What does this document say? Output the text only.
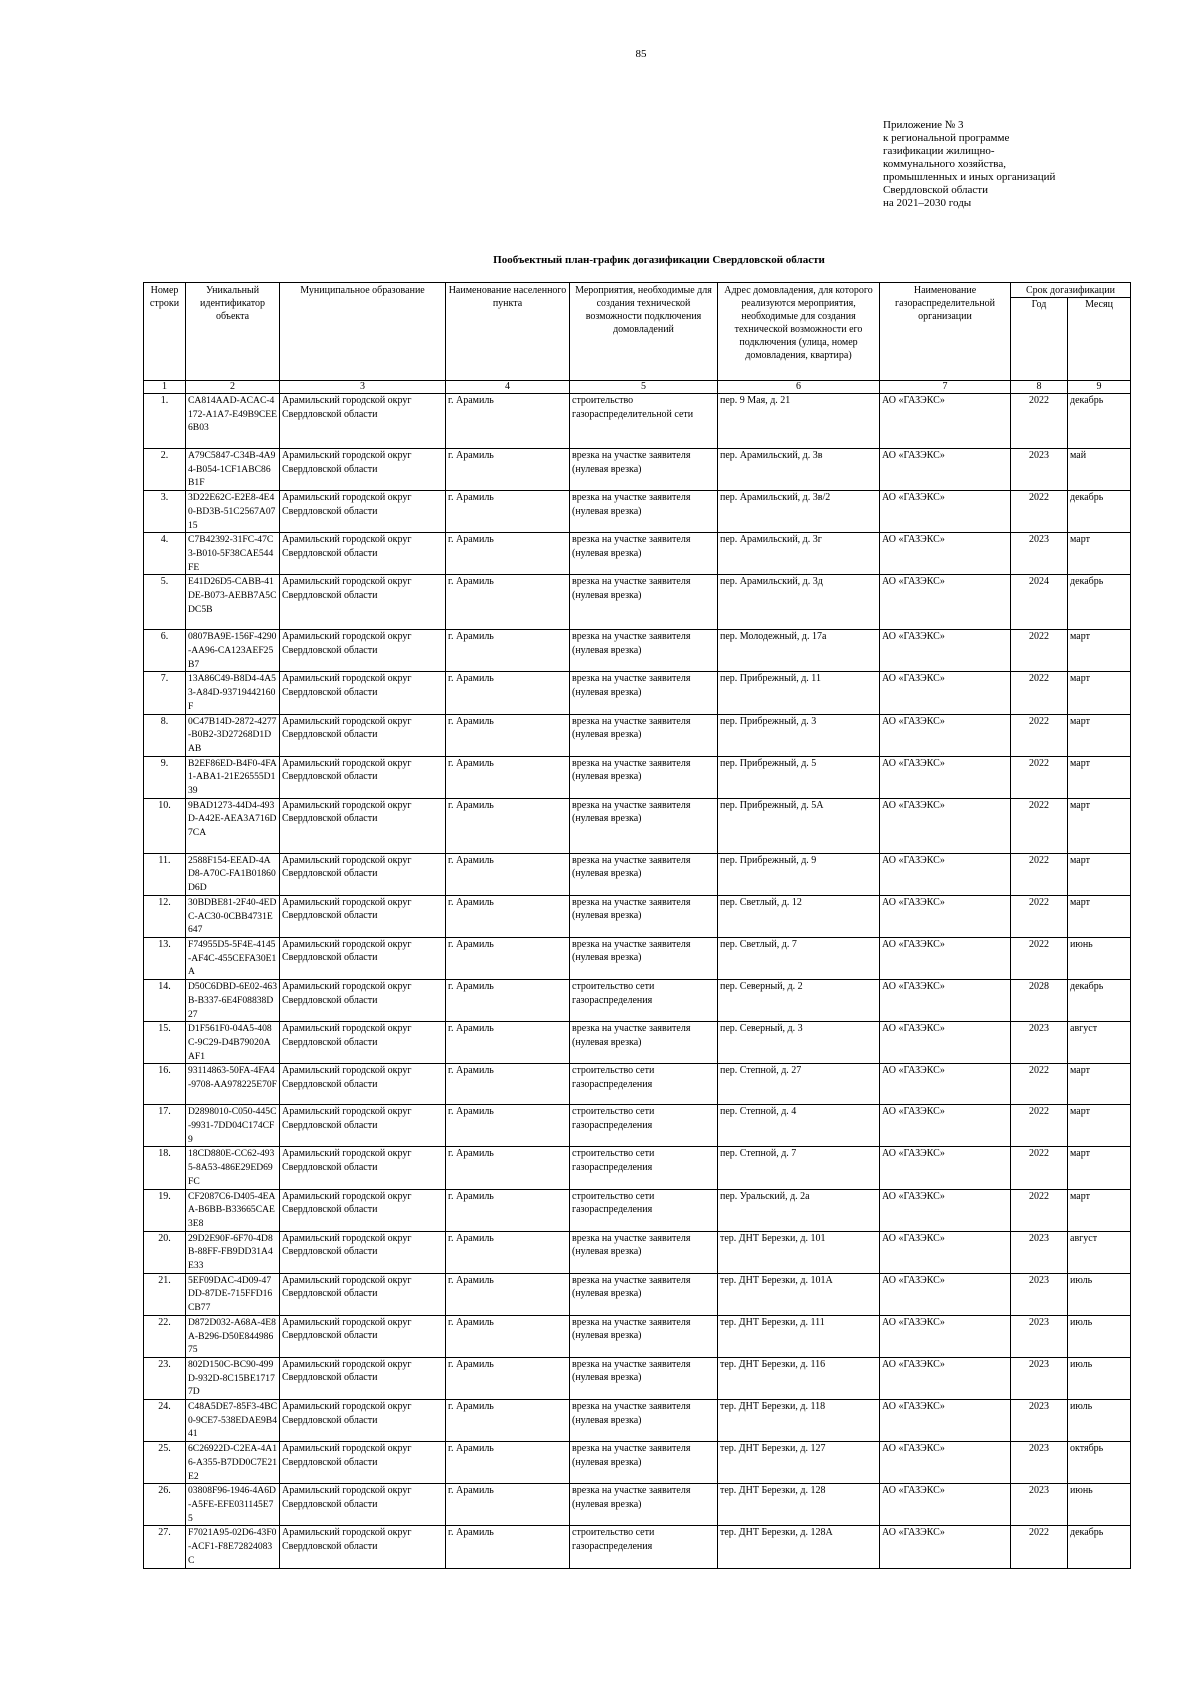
85
Приложение № 3
к региональной программе
газификации жилищно-
коммунального хозяйства,
промышленных и иных организаций
Свердловской области
на 2021–2030 годы
Пообъектный план-график догазификации Свердловской области
Номер строки	Уникальный идентификатор объекта	Муниципальное образование	Наименование населенного пункта	Мероприятия, необходимые для создания технической возможности подключения домовладений	Адрес домовладения, для которого реализуются мероприятия, необходимые для создания технической возможности его подключения (улица, номер домовладения, квартира)	Наименование газораспределительной организации	Срок догазификации	
							Год	Месяц
1	2	3	4	5	6	7	8	9
1.	CA814AAD-ACAC-4172-A1A7-E49B9CEE6B03	Арамильский городской округ Свердловской области	г. Арамиль	строительство газораспределительной сети	пер. 9 Мая, д. 21	АО «ГАЗЭКС»	2022	декабрь
2.	A79C5847-C34B-4A94-B054-1CF1ABC86B1F	Арамильский городской округ Свердловской области	г. Арамиль	врезка на участке заявителя (нулевая врезка)	пер. Арамильский, д. 3в	АО «ГАЗЭКС»	2023	май
3.	3D22E62C-E2E8-4E40-BD3B-51C2567A0715	Арамильский городской округ Свердловской области	г. Арамиль	врезка на участке заявителя (нулевая врезка)	пер. Арамильский, д. 3в/2	АО «ГАЗЭКС»	2022	декабрь
4.	C7B42392-31FC-47C3-B010-5F38CAE544FE	Арамильский городской округ Свердловской области	г. Арамиль	врезка на участке заявителя (нулевая врезка)	пер. Арамильский, д. 3г	АО «ГАЗЭКС»	2023	март
5.	E41D26D5-CABB-41DE-B073-AEBB7A5CDC5B	Арамильский городской округ Свердловской области	г. Арамиль	врезка на участке заявителя (нулевая врезка)	пер. Арамильский, д. 3д	АО «ГАЗЭКС»	2024	декабрь
6.	0807BA9E-156F-4290-AA96-CA123AEF25B7	Арамильский городской округ Свердловской области	г. Арамиль	врезка на участке заявителя (нулевая врезка)	пер. Молодежный, д. 17а	АО «ГАЗЭКС»	2022	март
7.	13A86C49-B8D4-4A53-A84D-93719442160F	Арамильский городской округ Свердловской области	г. Арамиль	врезка на участке заявителя (нулевая врезка)	пер. Прибрежный, д. 11	АО «ГАЗЭКС»	2022	март
8.	0C47B14D-2872-4277-B0B2-3D27268D1DAB	Арамильский городской округ Свердловской области	г. Арамиль	врезка на участке заявителя (нулевая врезка)	пер. Прибрежный, д. 3	АО «ГАЗЭКС»	2022	март
9.	B2EF86ED-B4F0-4FA1-ABA1-21E26555D139	Арамильский городской округ Свердловской области	г. Арамиль	врезка на участке заявителя (нулевая врезка)	пер. Прибрежный, д. 5	АО «ГАЗЭКС»	2022	март
10.	9BAD1273-44D4-493D-A42E-AEA3A716D7CA	Арамильский городской округ Свердловской области	г. Арамиль	врезка на участке заявителя (нулевая врезка)	пер. Прибрежный, д. 5А	АО «ГАЗЭКС»	2022	март
11.	2588F154-EEAD-4AD8-A70C-FA1B01860D6D	Арамильский городской округ Свердловской области	г. Арамиль	врезка на участке заявителя (нулевая врезка)	пер. Прибрежный, д. 9	АО «ГАЗЭКС»	2022	март
12.	30BDBE81-2F40-4EDC-AC30-0CBB4731E647	Арамильский городской округ Свердловской области	г. Арамиль	врезка на участке заявителя (нулевая врезка)	пер. Светлый, д. 12	АО «ГАЗЭКС»	2022	март
13.	F74955D5-5F4E-4145-AF4C-455CEFA30E1A	Арамильский городской округ Свердловской области	г. Арамиль	врезка на участке заявителя (нулевая врезка)	пер. Светлый, д. 7	АО «ГАЗЭКС»	2022	июнь
14.	D50C6DBD-6E02-463B-B337-6E4F08838D27	Арамильский городской округ Свердловской области	г. Арамиль	строительство сети газораспределения	пер. Северный, д. 2	АО «ГАЗЭКС»	2028	декабрь
15.	D1F561F0-04A5-408C-9C29-D4B79020AAF1	Арамильский городской округ Свердловской области	г. Арамиль	врезка на участке заявителя (нулевая врезка)	пер. Северный, д. 3	АО «ГАЗЭКС»	2023	август
16.	93114863-50FA-4FA4-9708-AA978225E70F	Арамильский городской округ Свердловской области	г. Арамиль	строительство сети газораспределения	пер. Степной, д. 27	АО «ГАЗЭКС»	2022	март
17.	D2898010-C050-445C-9931-7DD04C174CF9	Арамильский городской округ Свердловской области	г. Арамиль	строительство сети газораспределения	пер. Степной, д. 4	АО «ГАЗЭКС»	2022	март
18.	18CD880E-CC62-4935-8A53-486E29ED69FC	Арамильский городской округ Свердловской области	г. Арамиль	строительство сети газораспределения	пер. Степной, д. 7	АО «ГАЗЭКС»	2022	март
19.	CF2087C6-D405-4EAA-B6BB-B33665CAE3E8	Арамильский городской округ Свердловской области	г. Арамиль	строительство сети газораспределения	пер. Уральский, д. 2а	АО «ГАЗЭКС»	2022	март
20.	29D2E90F-6F70-4D8B-88FF-FB9DD31A4E33	Арамильский городской округ Свердловской области	г. Арамиль	врезка на участке заявителя (нулевая врезка)	тер. ДНТ Березки, д. 101	АО «ГАЗЭКС»	2023	август
21.	5EF09DAC-4D09-47DD-87DE-715FFD16CB77	Арамильский городской округ Свердловской области	г. Арамиль	врезка на участке заявителя (нулевая врезка)	тер. ДНТ Березки, д. 101А	АО «ГАЗЭКС»	2023	июль
22.	D872D032-A68A-4E8A-B296-D50E84498675	Арамильский городской округ Свердловской области	г. Арамиль	врезка на участке заявителя (нулевая врезка)	тер. ДНТ Березки, д. 111	АО «ГАЗЭКС»	2023	июль
23.	802D150C-BC90-499D-932D-8C15BE17177D	Арамильский городской округ Свердловской области	г. Арамиль	врезка на участке заявителя (нулевая врезка)	тер. ДНТ Березки, д. 116	АО «ГАЗЭКС»	2023	июль
24.	C48A5DE7-85F3-4BC0-9CE7-538EDAE9B441	Арамильский городской округ Свердловской области	г. Арамиль	врезка на участке заявителя (нулевая врезка)	тер. ДНТ Березки, д. 118	АО «ГАЗЭКС»	2023	июль
25.	6C26922D-C2EA-4A16-A355-B7DD0C7E21E2	Арамильский городской округ Свердловской области	г. Арамиль	врезка на участке заявителя (нулевая врезка)	тер. ДНТ Березки, д. 127	АО «ГАЗЭКС»	2023	октябрь
26.	03808F96-1946-4A6D-A5FE-EFE031145E75	Арамильский городской округ Свердловской области	г. Арамиль	врезка на участке заявителя (нулевая врезка)	тер. ДНТ Березки, д. 128	АО «ГАЗЭКС»	2023	июнь
27.	F7021A95-02D6-43F0-ACF1-F8E72824083C	Арамильский городской округ Свердловской области	г. Арамиль	строительство сети газораспределения	тер. ДНТ Березки, д. 128А	АО «ГАЗЭКС»	2022	декабрь
